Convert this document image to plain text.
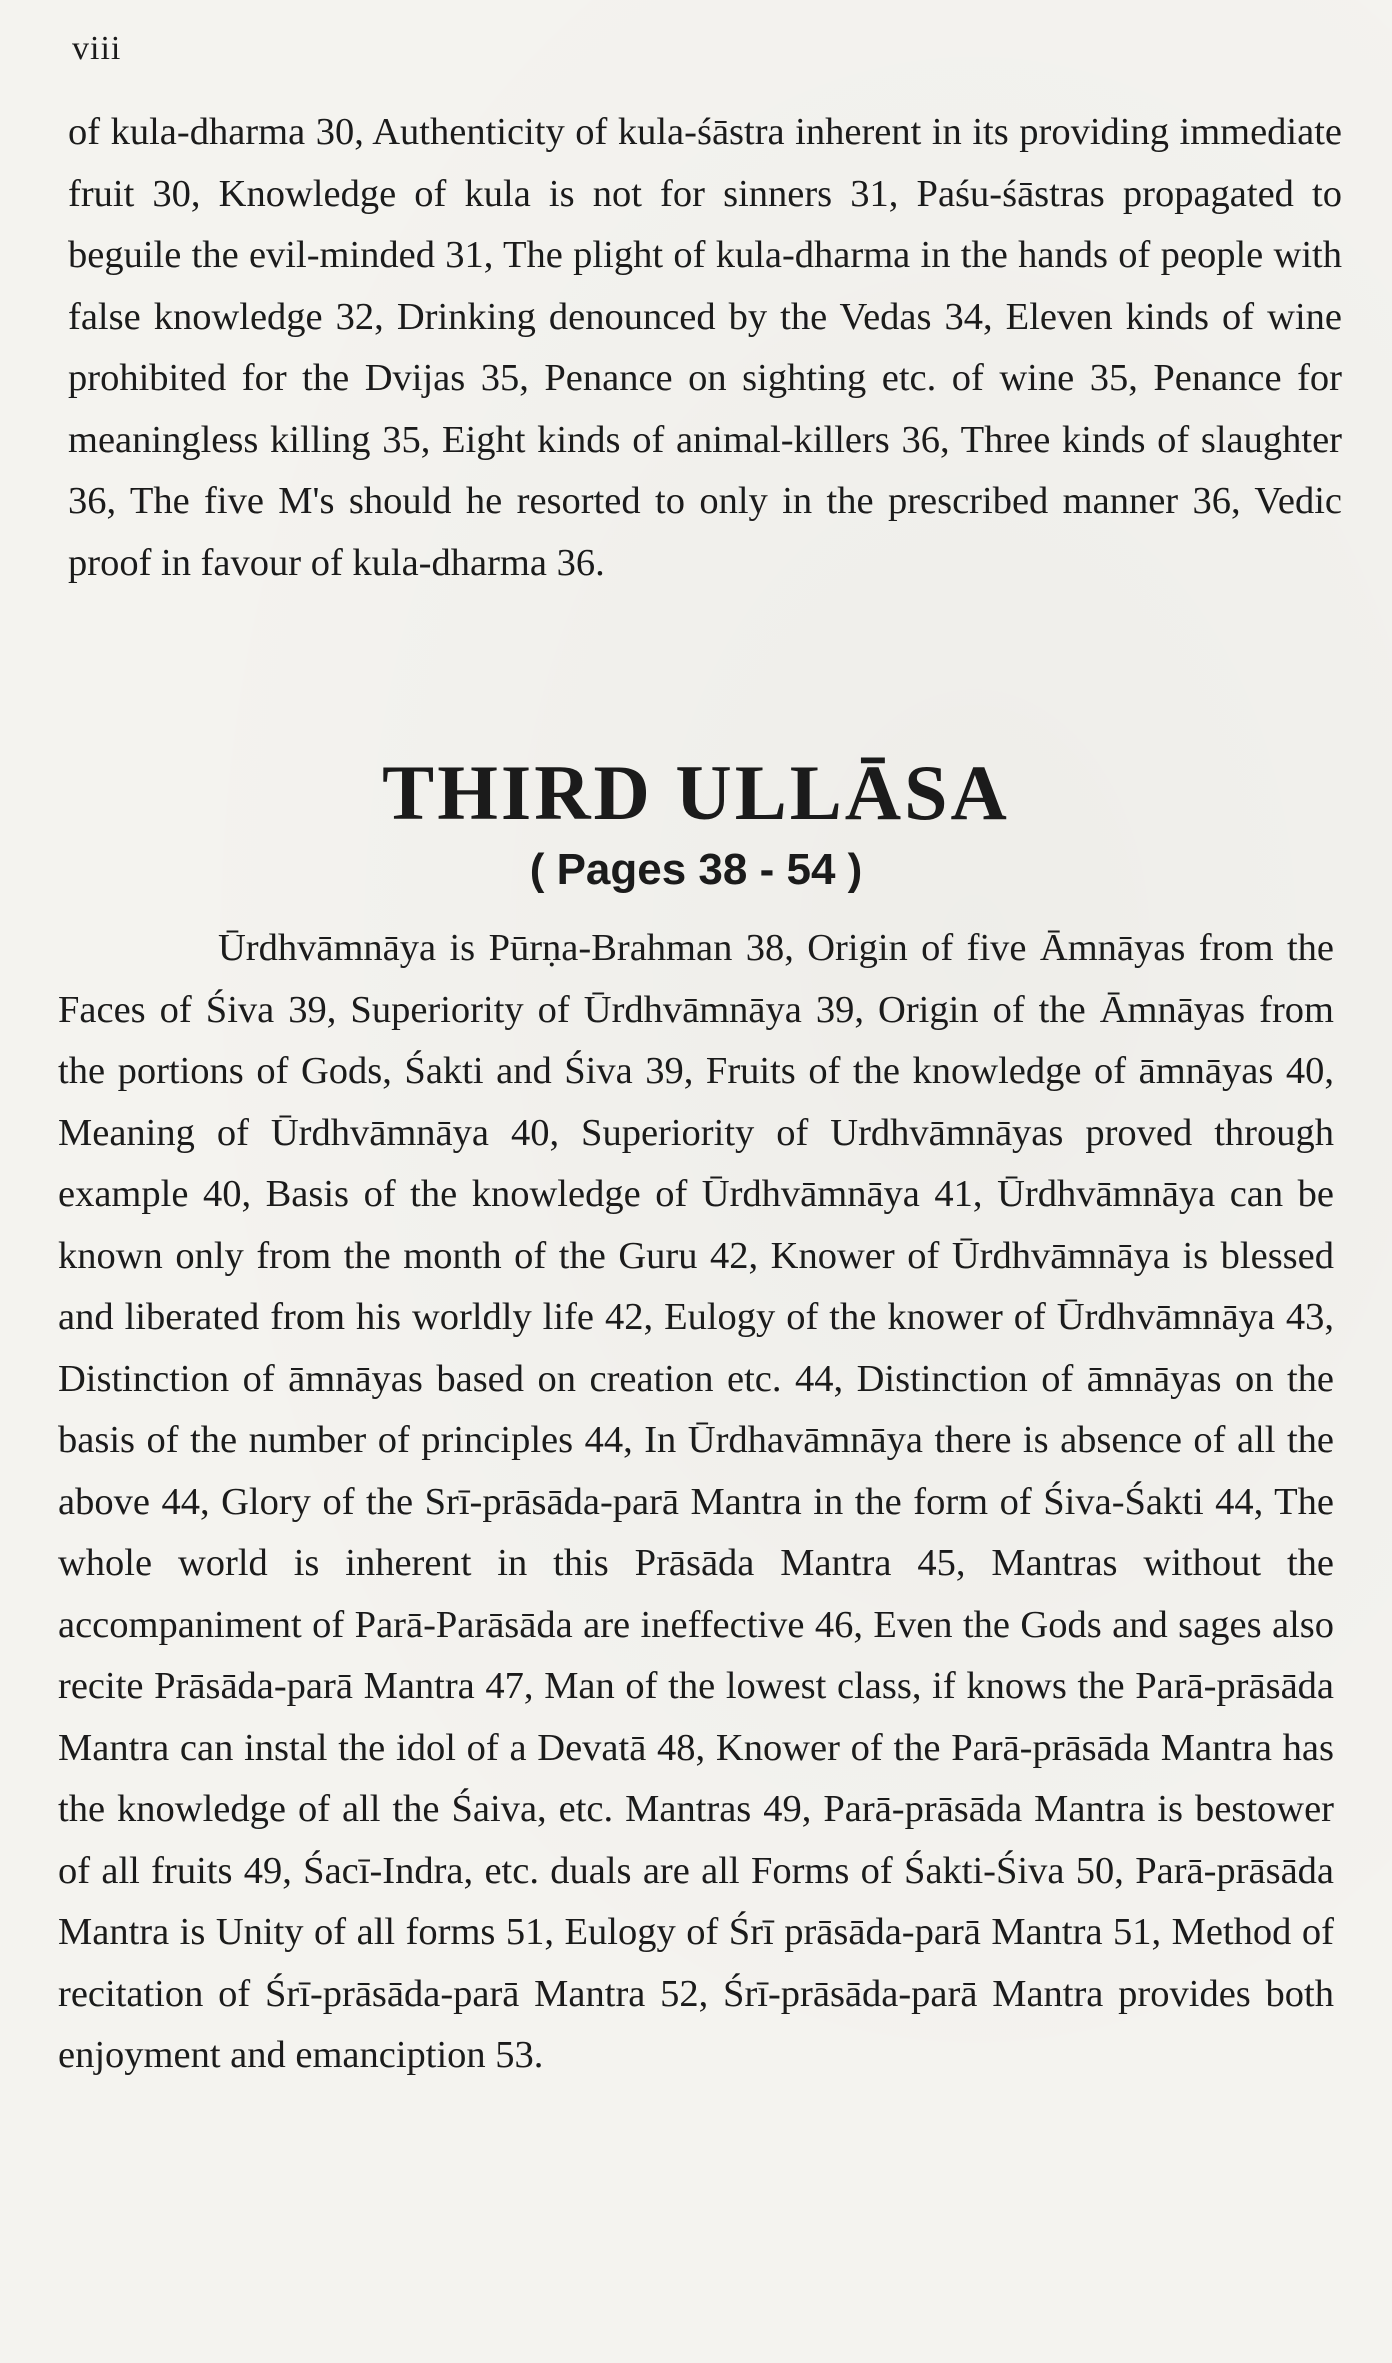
viii

of kula-dharma 30, Authenticity of kula-śāstra inherent in its providing immediate fruit 30, Knowledge of kula is not for sinners 31, Paśu-śāstras propagated to beguile the evil-minded 31, The plight of kula-dharma in the hands of people with false knowledge 32, Drinking denounced by the Vedas 34, Eleven kinds of wine prohibited for the Dvijas 35, Penance on sighting etc. of wine 35, Penance for meaningless killing 35, Eight kinds of animal-killers 36, Three kinds of slaughter 36, The five M's should he resorted to only in the prescribed manner 36, Vedic proof in favour of kula-dharma 36.

THIRD ULLĀSA
( Pages 38 - 54 )

Ūrdhvāmnāya is Pūrṇa-Brahman 38, Origin of five Āmnāyas from the Faces of Śiva 39, Superiority of Ūrdhvāmnāya 39, Origin of the Āmnāyas from the portions of Gods, Śakti and Śiva 39, Fruits of the knowledge of āmnāyas 40, Meaning of Ūrdhvāmnāya 40, Superiority of Urdhvāmnāyas proved through example 40, Basis of the knowledge of Ūrdhvāmnāya 41, Ūrdhvāmnāya can be known only from the month of the Guru 42, Knower of Ūrdhvāmnāya is blessed and liberated from his worldly life 42, Eulogy of the knower of Ūrdhvāmnāya 43, Distinction of āmnāyas based on creation etc. 44, Distinction of āmnāyas on the basis of the number of principles 44, In Ūrdhavāmnāya there is absence of all the above 44, Glory of the Srī-prāsāda-parā Mantra in the form of Śiva-Śakti 44, The whole world is inherent in this Prāsāda Mantra 45, Mantras without the accompaniment of Parā-Parāsāda are ineffective 46, Even the Gods and sages also recite Prāsāda-parā Mantra 47, Man of the lowest class, if knows the Parā-prāsāda Mantra can instal the idol of a Devatā 48, Knower of the Parā-prāsāda Mantra has the knowledge of all the Śaiva, etc. Mantras 49, Parā-prāsāda Mantra is bestower of all fruits 49, Śacī-Indra, etc. duals are all Forms of Śakti-Śiva 50, Parā-prāsāda Mantra is Unity of all forms 51, Eulogy of Śrī prāsāda-parā Mantra 51, Method of recitation of Śrī-prāsāda-parā Mantra 52, Śrī-prāsāda-parā Mantra provides both enjoyment and emanciption 53.
